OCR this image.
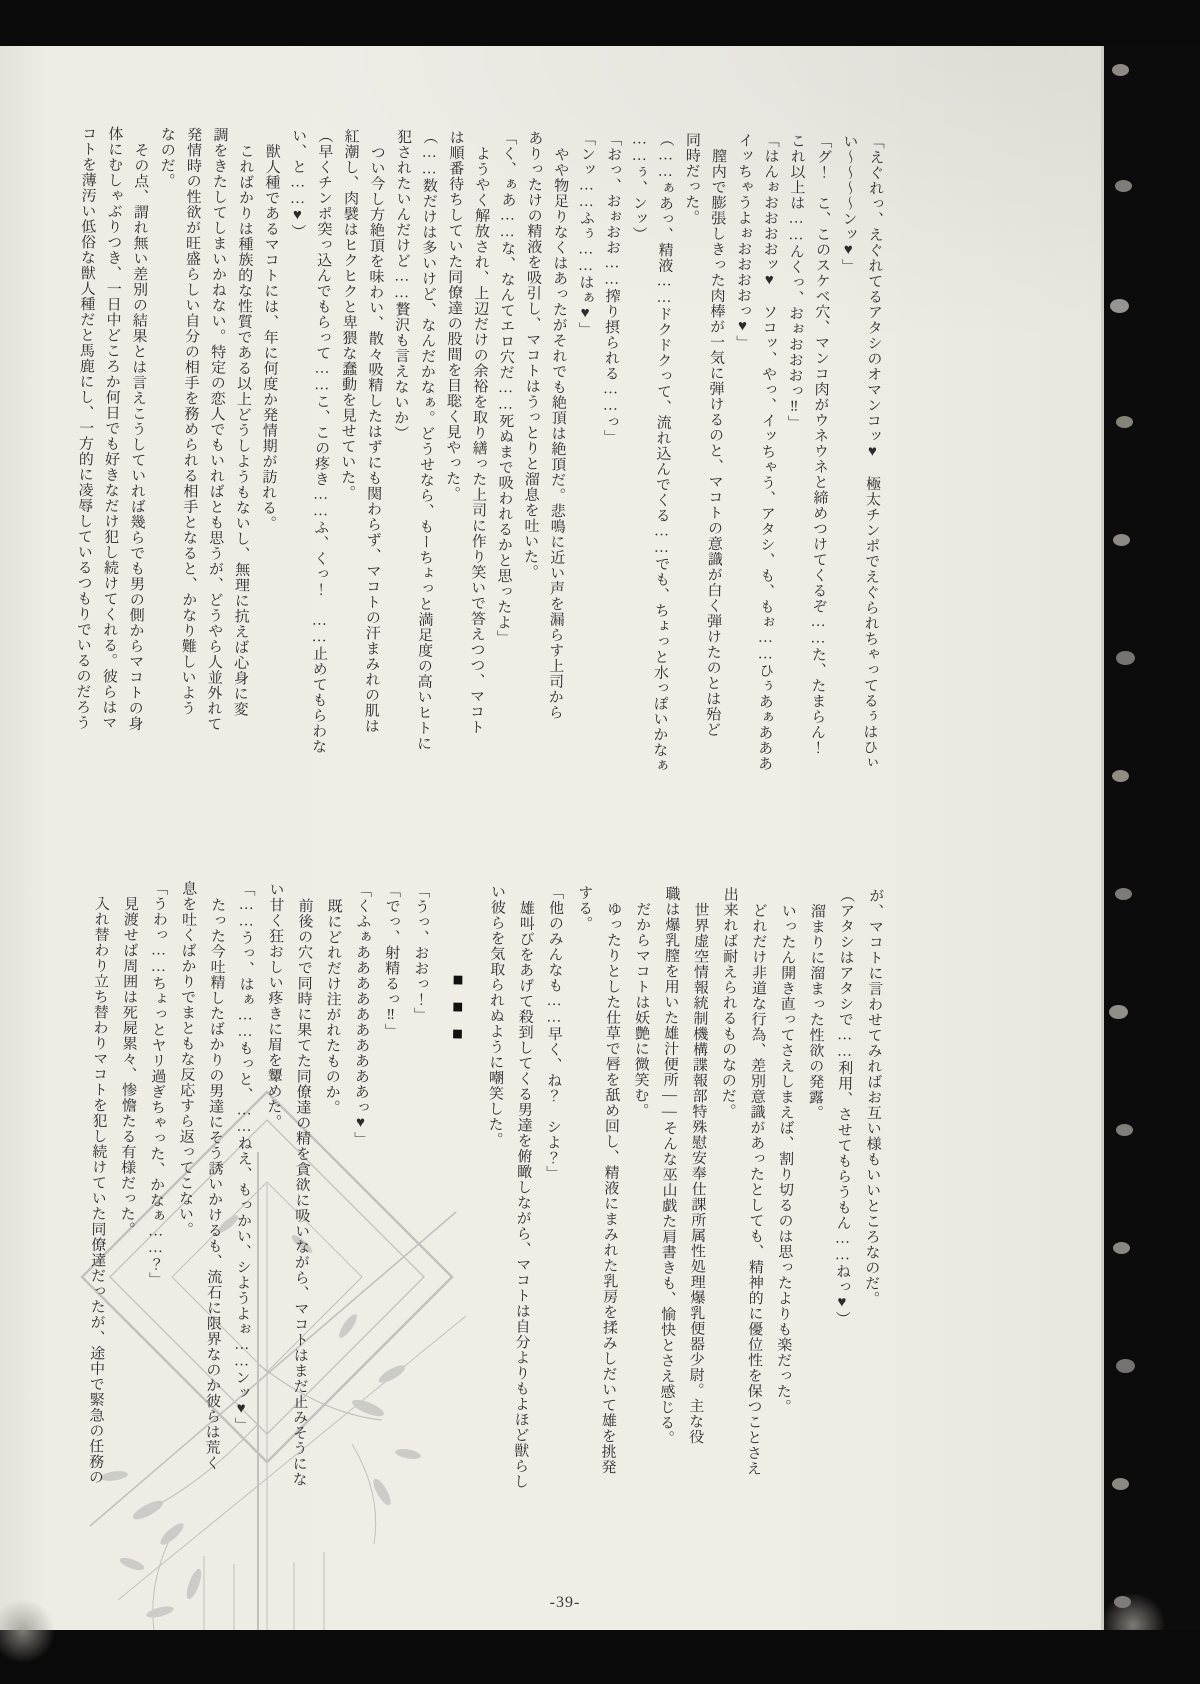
「えぐれっ、えぐれてるアタシのオマンコッ♥　極太チンポでえぐられちゃってるぅはひぃ

い～～～～ンッ♥」

「グ！　こ、このスケベ穴、マンコ肉がウネウネと締めつけてくるぞ……た、たまらん！

これ以上は……んくっ、おぉおおおっ‼」

「はんぉおおおおッ♥　ソコッ、やっ、イッちゃう、アタシ、も、もぉ……ひぅあぁあああ

イッちゃうよぉおおおおっ♥」

膣内で膨張しきった肉棒が一気に弾けるのと、マコトの意識が白く弾けたのとは殆ど

同時だった。

（……ぁあっ、精液……ドクドクって、流れ込んでくる……でも、ちょっと水っぽいかなぁ

……ぅ、ンッ）

「おっ、おぉおお……搾り摂られる……っ」

「ンッ……ふぅ……はぁ♥」

やや物足りなくはあったがそれでも絶頂は絶頂だ。悲鳴に近い声を漏らす上司から

ありったけの精液を吸引し、マコトはうっとりと溜息を吐いた。

「く、ぁあ……な、なんてエロ穴だ……死ぬまで吸われるかと思ったよ」

ようやく解放され、上辺だけの余裕を取り繕った上司に作り笑いで答えつつ、マコト

は順番待ちしていた同僚達の股間を目聡く見やった。

（……数だけは多いけど、なんだかなぁ。どうせなら、もーちょっと満足度の高いヒトに

犯されたいんだけど……贅沢も言えないか）

つい今し方絶頂を味わい、散々吸精したはずにも関わらず、マコトの汗まみれの肌は

紅潮し、肉襞はヒクヒクと卑猥な蠢動を見せていた。

（早くチンポ突っ込んでもらって……こ、この疼き……ふ、くっ！　……止めてもらわな

い、と……♥）

獣人種であるマコトには、年に何度か発情期が訪れる。

こればかりは種族的な性質である以上どうしようもないし、無理に抗えば心身に変

調をきたしてしまいかねない。特定の恋人でもいればとも思うが、どうやら人並外れて

発情時の性欲が旺盛らしい自分の相手を務められる相手となると、かなり難しいよう

なのだ。

その点、謂れ無い差別の結果とは言えこうしていれば幾らでも男の側からマコトの身

体にむしゃぶりつき、一日中どころか何日でも好きなだけ犯し続けてくれる。彼らはマ

コトを薄汚い低俗な獣人種だと馬鹿にし、一方的に凌辱しているつもりでいるのだろう

が、マコトに言わせてみればお互い様もいいところなのだ。

（アタシはアタシで……利用、させてもらうもん……ねっ♥）

溜まりに溜まった性欲の発露。

いったん開き直ってさえしまえば、割り切るのは思ったよりも楽だった。

どれだけ非道な行為、差別意識があったとしても、精神的に優位性を保つことさえ

出来れば耐えられるものなのだ。

世界虚空情報統制機構諜報部特殊慰安奉仕課所属性処理爆乳便器少尉。主な役

職は爆乳膣を用いた雄汁便所――そんな巫山戯た肩書きも、愉快とさえ感じる。

だからマコトは妖艶に微笑む。

ゆったりとした仕草で唇を舐め回し、精液にまみれた乳房を揉みしだいて雄を挑発

する。

「他のみんなも……早く、ね？　シよ？」

雄叫びをあげて殺到してくる男達を俯瞰しながら、マコトは自分よりもよほど獣らし

い彼らを気取られぬように嘲笑した。

■■■

「うっ、おおっ！」

「でっ、射精るっ‼」

「くふぁああああああああああっ♥」

既にどれだけ注がれたものか。

前後の穴で同時に果てた同僚達の精を貪欲に吸いながら、マコトはまだ止みそうにな

い甘く狂おしい疼きに眉を顰めた。

「……うっ、はぁ……もっと、……ねえ、もっかい、シようよぉ……ンッ♥」

たった今吐精したばかりの男達にそう誘いかけるも、流石に限界なのか彼らは荒く

息を吐くばかりでまともな反応すら返ってこない。

「うわっ……ちょっとヤリ過ぎちゃった、かなぁ……？」

見渡せば周囲は死屍累々、惨憺たる有様だった。

入れ替わり立ち替わりマコトを犯し続けていた同僚達だったが、途中で緊急の任務の

-39-
